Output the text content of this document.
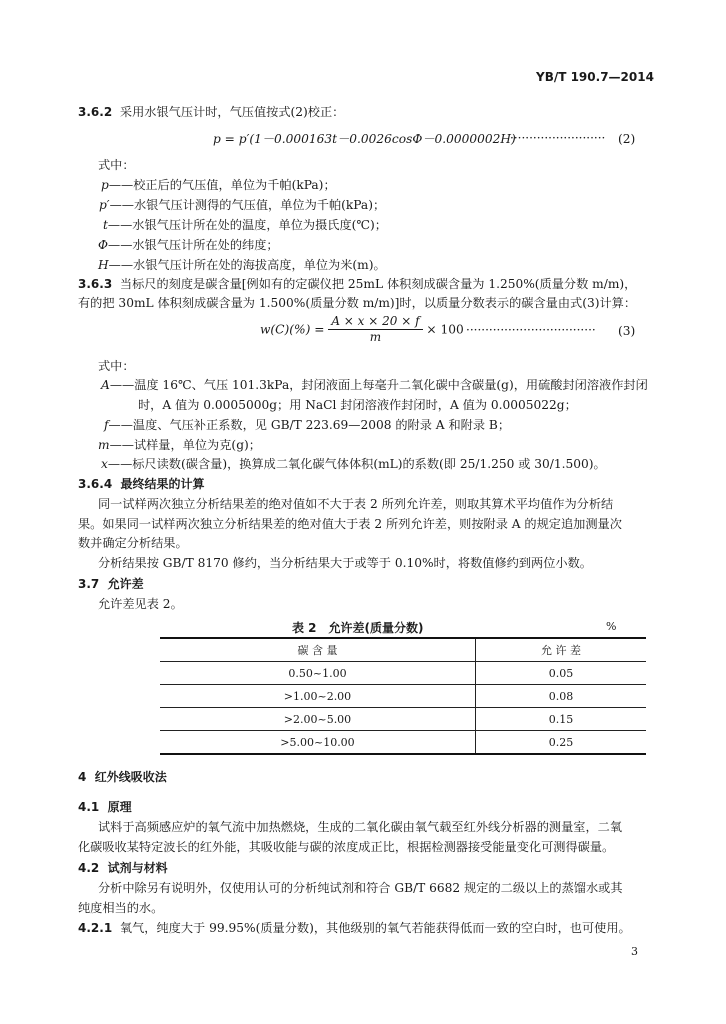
YB/T 190.7—2014
3.6.2 采用水银气压计时，气压值按式(2)校正：
p = p′(1－0.000163t－0.0026cosΦ－0.0000002H)
························· (2)
式中：
p——校正后的气压值，单位为千帕(kPa)；
p′——水银气压计测得的气压值，单位为千帕(kPa)；
t——水银气压计所在处的温度，单位为摄氏度(℃)；
Φ——水银气压计所在处的纬度；
H——水银气压计所在处的海拔高度，单位为米(m)。
3.6.3 当标尺的刻度是碳含量[例如有的定碳仪把 25mL 体积刻成碳含量为 1.250%(质量分数 m/m)，
有的把 30mL 体积刻成碳含量为 1.500%(质量分数 m/m)]时，以质量分数表示的碳含量由式(3)计算：
$w(C)(\%) = \frac{A \times x \times 20 \times f}{m} \times 100$ ·································· (3)
式中：
A——温度 16℃、气压 101.3kPa，封闭液面上每毫升二氧化碳中含碳量(g)，用硫酸封闭溶液作封闭
时，A 值为 0.0005000g；用 NaCl 封闭溶液作封闭时，A 值为 0.0005022g；
f——温度、气压补正系数，见 GB/T 223.69—2008 的附录 A 和附录 B；
m——试样量，单位为克(g)；
x——标尺读数(碳含量)，换算成二氧化碳气体体积(mL)的系数(即 25/1.250 或 30/1.500)。
3.6.4 最终结果的计算
同一试样两次独立分析结果差的绝对值如不大于表 2 所列允许差，则取其算术平均值作为分析结
果。如果同一试样两次独立分析结果差的绝对值大于表 2 所列允许差，则按附录 A 的规定追加测量次
数并确定分析结果。
分析结果按 GB/T 8170 修约，当分析结果大于或等于 0.10%时，将数值修约到两位小数。
3.7 允许差
允许差见表 2。
表 2　允许差(质量分数)	%
碳 含 量	允 许 差
0.50~1.00	0.05
>1.00~2.00	0.08
>2.00~5.00	0.15
>5.00~10.00	0.25
4 红外线吸收法
4.1 原理
试料于高频感应炉的氧气流中加热燃烧，生成的二氧化碳由氧气载至红外线分析器的测量室，二氧
化碳吸收某特定波长的红外能，其吸收能与碳的浓度成正比，根据检测器接受能量变化可测得碳量。
4.2 试剂与材料
分析中除另有说明外，仅使用认可的分析纯试剂和符合 GB/T 6682 规定的二级以上的蒸馏水或其
纯度相当的水。
4.2.1 氧气，纯度大于 99.95%(质量分数)，其他级别的氧气若能获得低而一致的空白时，也可使用。
3
